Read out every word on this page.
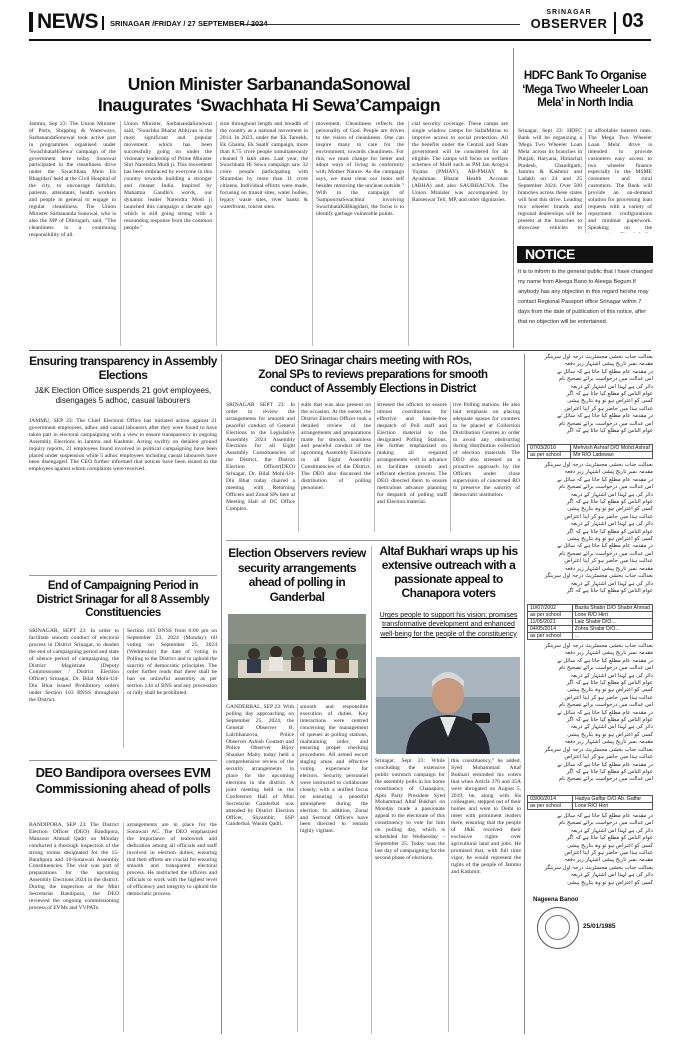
NEWS SRINAGAR /FRIDAY / 27 SEPTEMBER / 2024
SRINAGAR
OBSERVER 03
Union Minister SarbanandaSonowal
Inaugurates ‘Swachhata Hi Sewa’Campaign
Jammu, Sep 23: The Union Minister of Ports, Shipping & Waterways, SarbanandaSonowal took active part in programmes organised under 'SwachhataHiSewa' campaign of the government here today. Sonowal participated in the cleanliness drive under the 'Swachhata Mein Ek Bhagidari' held at the Civil Hospital of the city, to encourage faithfuls, patients, attendants, health workers and people in general to engage in regular cleanliness. The Union Minister Sarbananda Sonowal, who is also the MP of Dibrugarh, said, "The cleanliness is a continuing responsibility of all.
Union Minister, SarbanandaSonowal said, "Swachha Bharat Abhiyan is the most significant and popular movement which has been successfully going on under the visionary leadership of Prime Minister Shri Narendra Modi ji. This movement has been embraced by everyone in this country towards building a stronger and cleaner India. Inspired by Mahatma Gandhi's words, our dynamic leader Narendra Modi ji launched this campaign a decade ago which is still going strong with a resounding response from the common people."
sion throughout length and breadth of the country as a national movement in 2014. In 2023, under the 'Ek Tareekh, Ek Ghanta, Ek Saath' campaign, more than 8.75 crore people simultaneously cleaned 9 lakh sites. Last year, the Swachhata Hi Sewa campaign saw 32 crore people participating with Shramdan by more than 11 crore citizens. Individual efforts were made, focusing on transit sites, water bodies, legacy waste sites, river banks & waterfronts, tourist sites.
movement. Cleanliness reflects the personality of God. People are driven to the vision of cleanliness. One can inspire many to care for the environment, towards cleanliness. For this, we must change for better and adopt ways of living in conformity with Mother Nature. As the campaign says, we must clean our inner self besides removing the unclean outside." With in the campaign of 'SampoornaSwachhta' involving SwachhataKiBhagidari, the focus is to identify garbage vulnerable points.
cial security coverage. These camps are single window camps for SafaiMitras to improve access to social protection. All the benefits under the Central and State government will be considered for all eligible. The camps will focus on welfare schemes of MoH such as PM Jan Arogya Yojana (PMJAY), AB-PMJAY & Ayushman Bharat Health Account (ABHA) and also SAUBHAGYA. The Union Minister was accompanied by Rameswar Teli, MP, and other dignitaries.
HDFC Bank To Organise ‘Mega Two Wheeler Loan Mela’ in North India
Srinagar, Sept 23: HDFC Bank will be organizing a 'Mega Two Wheeler Loan Mela' across its branches in Punjab, Haryana, Himachal Pradesh, Chandigarh, Jammu & Kashmir and Ladakh on 24 and 25 September 2024. Over 500 branches across these states will host this drive. Leading two wheeler brands and regional dealerships will be present at the branches to showcase vehicles to
at affordable interest rates. The Mega Two Wheeler Loan Mela' drive is intended to provide customers easy access to two wheeler finance especially in the MSME consumer and rural customers. The Bank will provide an on-demand solution for processing loan requests with a variety of repayment configurations and minimal paperwork. Speaking on the
NOTICE
It is to inform to the general public that I have changed my name from Aleega Bano to Aleega Begum.If anybody has any objection in this regard he/she may contact Regional Passport office Srinagar within 7 days from the date of publication of this notice, after that no objection will be entertained.
Ensuring transparency in Assembly Elections
J&K Election Office suspends 21 govt employees, disengages 5 adhoc, casual labourers
JAMMU, SEP 23: The Chief Electoral Office has initiated action against 21 government employees, adhoc and casual labourers after they were found to have taken part in electoral campaigning with a view to ensure transparency in ongoing Assembly Elections in Jammu and Kashmir. Acting swiftly on detailed ground inquiry reports, 21 employees found involved in political campaigning have been placed under suspension while 5 adhoc employees including casual labourers have been disengaged. The CEO further informed that notices have been issued to the employees against whom complaints were received.
End of Campaigning Period in District Srinagar for all 8 Assembly Constituencies
SRINAGAR, SEPT 23: In order to facilitate smooth conduct of electoral process in District Srinagar, to deaden the end of campaigning period and state of silence period of campaigning, the District Magistrate (Deputy Commissioner / District Election Officer) Srinagar, Dr. Bilal Mohi-Ud-Din Bhat issued Prohibitory orders under Section 163 BNSS throughout the District.
Section 163 BNSS from 6:00 pm on September 23, 2024 (Monday) till voting on September 25, 2024 (Wednesday) the date of voting in Polling to the District and to uphold the sanctity of democratic principles. The order further reads that there shall be ban on unlawful assembly as per section 144 of BNS and any procession or rally shall be prohibited.
DEO Bandipora oversees EVM Commissioning ahead of polls
BANDIPORA, SEP 23: The District Election Officer (DEO) Bandipora, Manzoor Ahmad Qadri on Monday conducted a thorough inspection of the strong rooms designated for the 15-Bandipora and 16-Sonawari Assembly Constituencies. The visit was part of preparations for the upcoming Assembly Elections 2024 in the district. During the inspection at the Mini Secretariat Bandipora, the DEO reviewed the ongoing commissioning process of EVMs and VVPATs.
arrangements are in place for the Sonawari AC. The DEO emphasized the importance of teamwork and dedication among all officials and staff involved in election duties, ensuring that their efforts are crucial for ensuring smooth and transparent electoral process. He instructed the officers and officials to work with the highest level of efficiency and integrity to uphold the democratic process.
DEO Srinagar chairs meeting with ROs,
Zonal SPs to reviews preparations for smooth
conduct of Assembly Elections in District
SRINAGAR SEPT 23: In order to review the arrangements for smooth and peaceful conduct of General Elections to the Legislative Assembly 2024 Assembly Elections for all Eight Assembly Constituencies of the District, the District Election Officer(DEO) Srinagar, Dr. Bilal Mohi-Ud-Din Bhat today chaired a meeting with Returning Officers and Zonal SPs here at Meeting Hall of DC Office Complex.
sults that was also present on the occasion. At the outset, the District Election Officer took a detailed review of the arrangements and preparations made for smooth, seamless and peaceful conduct of the upcoming Assembly Elections in all Eight Assembly Constituencies of the District. The DEO also discussed the distribution of polling personnel.
stressed the officers to ensure utmost coordination for effective and hassle-free despatch of Poll staff and Election material to the designated Polling Stations. He further emphasized on making all required arrangements well in advance to facilitate smooth and efficient election process. The DEO directed them to ensure meticulous advance planning for despatch of polling staff and Election material.
tive Polling stations. He also laid emphasis on placing adequate spaces for counters to be placed at Collection Distribution Centres in order to avoid any obstructing during distribution collection of election materials. The DEO also stressed on a proactive approach by the Officers under close supervision of concerned RO to preserve the sanctity of democratic institution.
Election Observers review security arrangements ahead of polling in Ganderbal
GANDERBAL, SEP 23: With polling day approaching on September 25, 2024, the General Observer B. Lalchhanzova, Police Observer Ashish Goutam and Police Observer Bijoy Shanker Maity today held a comprehensive review of the security arrangements in place for the upcoming elections in the district. A joint meeting held in the Conference Hall of Mini Secretariat Ganderbal was attended by District Election Officer, Shyambir; SSP Ganderbal, Wasim Qadri.
smooth and responsible execution of duties. Key interactions were centred concerning the management of queues at polling stations, maintaining order, and ensuring proper checking procedures. All armed escort staging areas and effective voting experience for electors. Security personnel were instructed to collaborate closely, with a unified focus on ensuring a peaceful atmosphere during the election. In addition, Zonal and Sectoral Officers have been directed to remain highly vigilant.
Altaf Bukhari wraps up his extensive outreach with a passionate appeal to Chanapora voters
Urges people to support his vision; promises transformative development and enhanced well-being for the people of the constituency
Srinagar, Sept 23: While concluding the extensive public outreach campaign for the assembly polls in his home constituency of Chanapora, Apni Party President Syed Mohammad Altaf Bukhari on Monday made a passionate appeal to the electorate of this constituency to vote for him on polling day, which is scheduled for Wednesday – September 25. Today was the last day of campaigning for the second phase of elections.
this constituency," he added. Syed Mohammad Altaf Bukhari reminded his voters that when Article 370 and 35A were abrogated on August 5, 2019, he, along with his colleagues, stepped out of their homes and went to Delhi to meet with prominent leaders there, ensuring that the people of J&K received their exclusive rights over agricultural land and jobs. He promised that, with full time vigor, he would represent the rights of the people of Jammu and Kashmir.

بعدالت جناب بخشی مجسٹریٹ درجہ اول سرینگر

مقدمہ نمبر تاریخ پیشی اشتہار زیر دفعہ

در مقدمہ عام مطلع کیا جاتا ہے کہ سائل نے

اس عدالت میں درخواست برائے تصحیح نام

دائر کی ہے لہذا اس اشتہار کے ذریعہ

عوام الناس کو مطلع کیا جاتا ہے کہ اگر

کسی کو اعتراض ہو تو وہ بتاریخ پیشی

عدالت ہذا میں حاضر ہو کر اپنا اعتراض

در مقدمہ عام مطلع کیا جاتا ہے کہ سائل نے

اس عدالت میں درخواست برائے تصحیح نام

عوام الناس کو مطلع کیا جاتا ہے کہ اگر

07/03/2016	Mehvish Ashraf D/O Mohd Ashraf
as per school	Mir R/O Ladewan

بعدالت جناب بخشی مجسٹریٹ درجہ اول سرینگر

مقدمہ نمبر تاریخ پیشی اشتہار زیر دفعہ

در مقدمہ عام مطلع کیا جاتا ہے کہ سائل نے

اس عدالت میں درخواست برائے تصحیح نام

دائر کی ہے لہذا اس اشتہار کے ذریعہ

عوام الناس کو مطلع کیا جاتا ہے کہ اگر

کسی کو اعتراض ہو تو وہ بتاریخ پیشی

عدالت ہذا میں حاضر ہو کر اپنا اعتراض

دائر کی ہے لہذا اس اشتہار کے ذریعہ

عوام الناس کو مطلع کیا جاتا ہے کہ اگر

کسی کو اعتراض ہو تو وہ بتاریخ پیشی

در مقدمہ عام مطلع کیا جاتا ہے کہ سائل نے

اس عدالت میں درخواست برائے تصحیح نام

عدالت ہذا میں حاضر ہو کر اپنا اعتراض

مقدمہ نمبر تاریخ پیشی اشتہار زیر دفعہ

بعدالت جناب بخشی مجسٹریٹ درجہ اول سرینگر

دائر کی ہے لہذا اس اشتہار کے ذریعہ

عوام الناس کو مطلع کیا جاتا ہے کہ اگر

10/07/2002	Bazila Shabir D/O Shabir Ahmad
as per school	Lone R/O Hirri
11/05/2021	Laiz Shabir D/O...
04/05/2014	Zohra Shabir D/O...
as per school	...

بعدالت جناب بخشی مجسٹریٹ درجہ اول سرینگر

مقدمہ نمبر تاریخ پیشی اشتہار زیر دفعہ

در مقدمہ عام مطلع کیا جاتا ہے کہ سائل نے

اس عدالت میں درخواست برائے تصحیح نام

دائر کی ہے لہذا اس اشتہار کے ذریعہ

عوام الناس کو مطلع کیا جاتا ہے کہ اگر

کسی کو اعتراض ہو تو وہ بتاریخ پیشی

عدالت ہذا میں حاضر ہو کر اپنا اعتراض

اس عدالت میں درخواست برائے تصحیح نام

در مقدمہ عام مطلع کیا جاتا ہے کہ سائل نے

عوام الناس کو مطلع کیا جاتا ہے کہ اگر

دائر کی ہے لہذا اس اشتہار کے ذریعہ

کسی کو اعتراض ہو تو وہ بتاریخ پیشی

مقدمہ نمبر تاریخ پیشی اشتہار زیر دفعہ

بعدالت جناب بخشی مجسٹریٹ درجہ اول سرینگر

عدالت ہذا میں حاضر ہو کر اپنا اعتراض

در مقدمہ عام مطلع کیا جاتا ہے کہ سائل نے

عوام الناس کو مطلع کیا جاتا ہے کہ اگر

اس عدالت میں درخواست برائے تصحیح نام

03/06/2014	Hadya Gaffar D/O Ab. Gaffar
as per school	Lone R/O Hirri

در مقدمہ عام مطلع کیا جاتا ہے کہ سائل نے

اس عدالت میں درخواست برائے تصحیح نام

دائر کی ہے لہذا اس اشتہار کے ذریعہ

عوام الناس کو مطلع کیا جاتا ہے کہ اگر

کسی کو اعتراض ہو تو وہ بتاریخ پیشی

عدالت ہذا میں حاضر ہو کر اپنا اعتراض

مقدمہ نمبر تاریخ پیشی اشتہار زیر دفعہ

بعدالت جناب بخشی مجسٹریٹ درجہ اول سرینگر

دائر کی ہے لہذا اس اشتہار کے ذریعہ

کسی کو اعتراض ہو تو وہ بتاریخ پیشی

Nageena Banoo
25/01/1985
